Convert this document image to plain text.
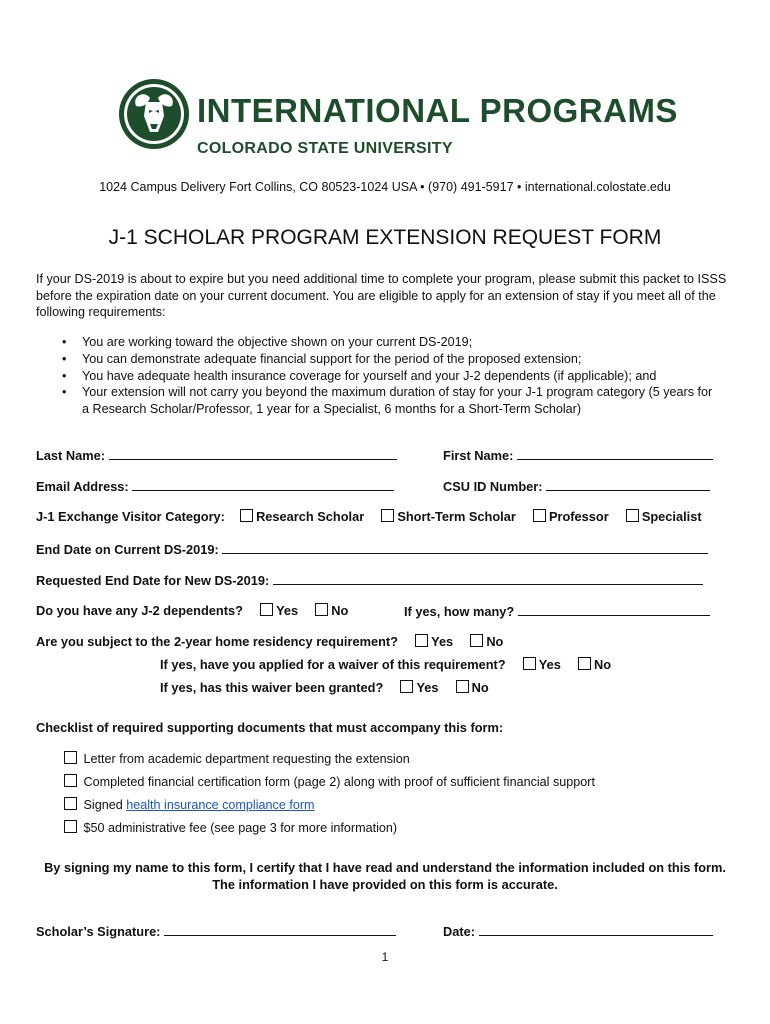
INTERNATIONAL PROGRAMS
COLORADO STATE UNIVERSITY
1024 Campus Delivery Fort Collins, CO 80523-1024 USA • (970) 491-5917 • international.colostate.edu
J-1 SCHOLAR PROGRAM EXTENSION REQUEST FORM
If your DS-2019 is about to expire but you need additional time to complete your program, please submit this packet to ISSS before the expiration date on your current document. You are eligible to apply for an extension of stay if you meet all of the following requirements:
• You are working toward the objective shown on your current DS-2019;
• You can demonstrate adequate financial support for the period of the proposed extension;
• You have adequate health insurance coverage for yourself and your J-2 dependents (if applicable); and
• Your extension will not carry you beyond the maximum duration of stay for your J-1 program category (5 years for a Research Scholar/Professor, 1 year for a Specialist, 6 months for a Short-Term Scholar)
Last Name:	First Name:
Email Address:	CSU ID Number:
J-1 Exchange Visitor Category: Research Scholar	Short-Term Scholar	Professor	Specialist
End Date on Current DS-2019:
Requested End Date for New DS-2019:
Do you have any J-2 dependents?	Yes	No	If yes, how many?
Are you subject to the 2-year home residency requirement?	Yes	No
If yes, have you applied for a waiver of this requirement?	Yes	No
If yes, has this waiver been granted?	Yes	No
Checklist of required supporting documents that must accompany this form:
Letter from academic department requesting the extension
Completed financial certification form (page 2) along with proof of sufficient financial support
Signed health insurance compliance form
$50 administrative fee (see page 3 for more information)
By signing my name to this form, I certify that I have read and understand the information included on this form. The information I have provided on this form is accurate.
Scholar’s Signature:	Date:
1
